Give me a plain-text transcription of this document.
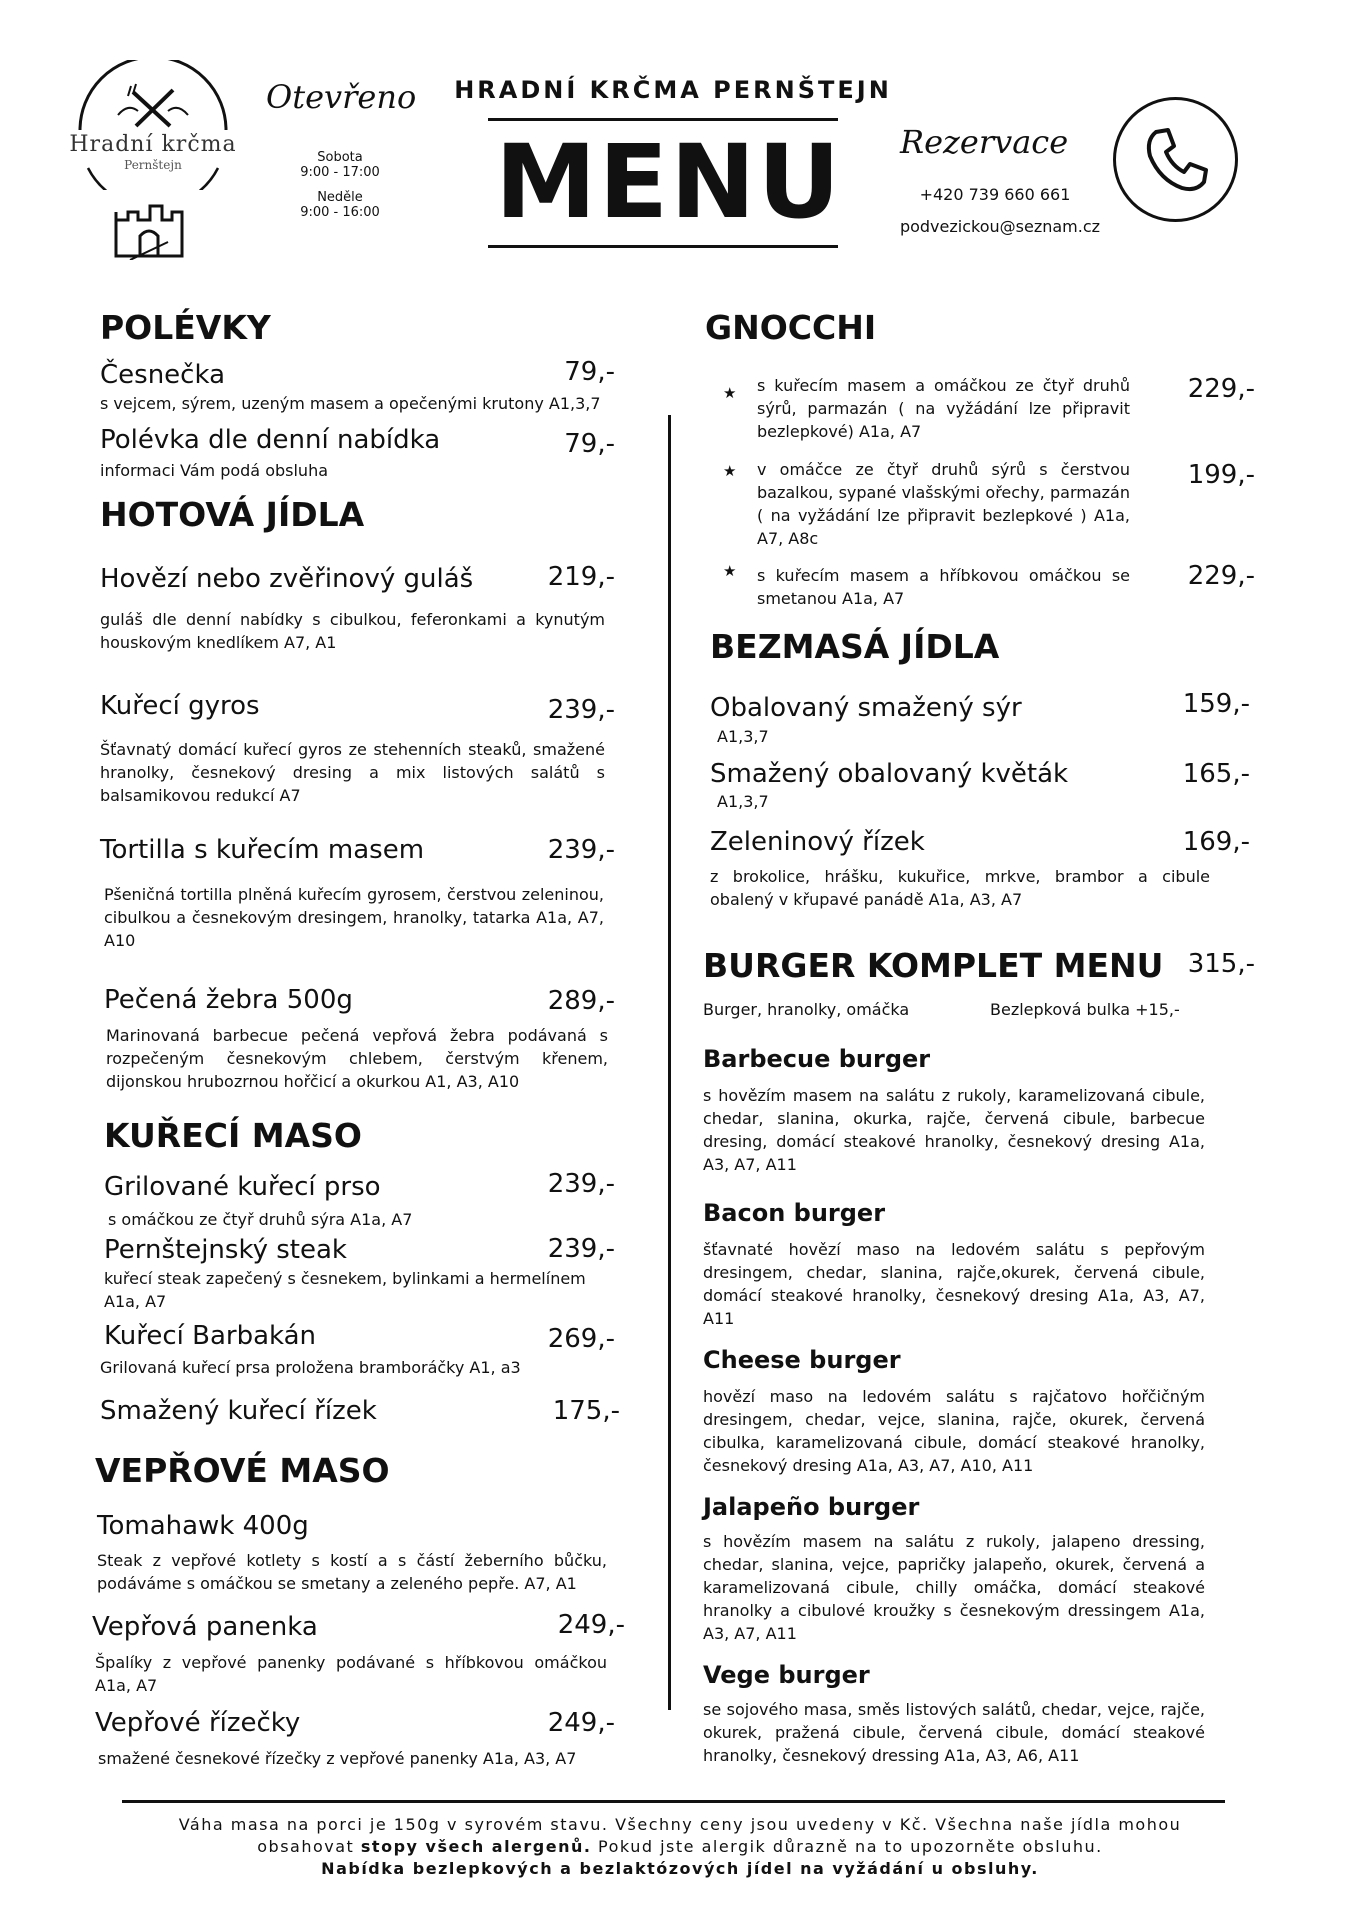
Hradní krčma
Pernštejn
Otevřeno
Sobota
9:00 - 17:00
Neděle
9:00 - 16:00
HRADNÍ KRČMA PERNŠTEJN
MENU Rezervace
+420 739 660 661
podvezickou@seznam.cz
POLÉVKY
Česnečka	79,-
s vejcem, sýrem, uzeným masem a opečenými krutony A1,3,7
Polévka dle denní nabídka	79,-
informaci Vám podá obsluha
HOTOVÁ JÍDLA
Hovězí nebo zvěřinový guláš	219,-
guláš dle denní nabídky s cibulkou, feferonkami a kynutým houskovým knedlíkem A7, A1
Kuřecí gyros	239,-
Šťavnatý domácí kuřecí gyros ze stehenních steaků, smažené hranolky, česnekový dresing a mix listových salátů s balsamikovou redukcí A7
Tortilla s kuřecím masem	239,-
Pšeničná tortilla plněná kuřecím gyrosem, čerstvou zeleninou, cibulkou a česnekovým dresingem, hranolky, tatarka A1a, A7, A10
Pečená žebra 500g	289,-
Marinovaná barbecue pečená vepřová žebra podávaná s rozpečeným česnekovým chlebem, čerstvým křenem, dijonskou hrubozrnou hořčicí a okurkou A1, A3, A10
KUŘECÍ MASO
Grilované kuřecí prso	239,-
s omáčkou ze čtyř druhů sýra A1a, A7
Pernštejnský steak	239,-
kuřecí steak zapečený s česnekem, bylinkami a hermelínem A1a, A7
Kuřecí Barbakán	269,-
Grilovaná kuřecí prsa proložena bramboráčky A1, a3
Smažený kuřecí řízek	175,-
VEPŘOVÉ MASO
Tomahawk 400g
Steak z vepřové kotlety s kostí a s částí žeberního bůčku, podáváme s omáčkou se smetany a zeleného pepře. A7, A1
Vepřová panenka	249,-
Špalíky z vepřové panenky podávané s hříbkovou omáčkou A1a, A7
Vepřové řízečky	249,-
smažené česnekové řízečky z vepřové panenky A1a, A3, A7
GNOCCHI
★ s kuřecím masem a omáčkou ze čtyř druhů sýrů, parmazán ( na vyžádání lze připravit bezlepkové) A1a, A7
229,-
★ v omáčce ze čtyř druhů sýrů s čerstvou bazalkou, sypané vlašskými ořechy, parmazán ( na vyžádání lze připravit bezlepkové ) A1a, A7, A8c
199,-
★ s kuřecím masem a hříbkovou omáčkou se smetanou A1a, A7
229,-
BEZMASÁ JÍDLA
Obalovaný smažený sýr	159,-
A1,3,7
Smažený obalovaný květák	165,-
A1,3,7
Zeleninový řízek	169,-
z brokolice, hrášku, kukuřice, mrkve, brambor a cibule obalený v křupavé panádě A1a, A3, A7
BURGER KOMPLET MENU 315,-
Burger, hranolky, omáčka	Bezlepková bulka +15,-
Barbecue burger
s hovězím masem na salátu z rukoly, karamelizovaná cibule, chedar, slanina, okurka, rajče, červená cibule, barbecue dresing, domácí steakové hranolky, česnekový dresing A1a, A3, A7, A11
Bacon burger
šťavnaté hovězí maso na ledovém salátu s pepřovým dresingem, chedar, slanina, rajče,okurek, červená cibule, domácí steakové hranolky, česnekový dresing A1a, A3, A7, A11
Cheese burger
hovězí maso na ledovém salátu s rajčatovo hořčičným dresingem, chedar, vejce, slanina, rajče, okurek, červená cibulka, karamelizovaná cibule, domácí steakové hranolky, česnekový dresing A1a, A3, A7, A10, A11
Jalapeño burger
s hovězím masem na salátu z rukoly, jalapeno dressing, chedar, slanina, vejce, papričky jalapeňo, okurek, červená a karamelizovaná cibule, chilly omáčka, domácí steakové hranolky a cibulové kroužky s česnekovým dressingem A1a, A3, A7, A11
Vege burger
se sojového masa, směs listových salátů, chedar, vejce, rajče, okurek, pražená cibule, červená cibule, domácí steakové hranolky, česnekový dressing A1a, A3, A6, A11
Váha masa na porci je 150g v syrovém stavu. Všechny ceny jsou uvedeny v Kč. Všechna naše jídla mohou
obsahovat stopy všech alergenů. Pokud jste alergik důrazně na to upozorněte obsluhu.
Nabídka bezlepkových a bezlaktózových jídel na vyžádání u obsluhy.
